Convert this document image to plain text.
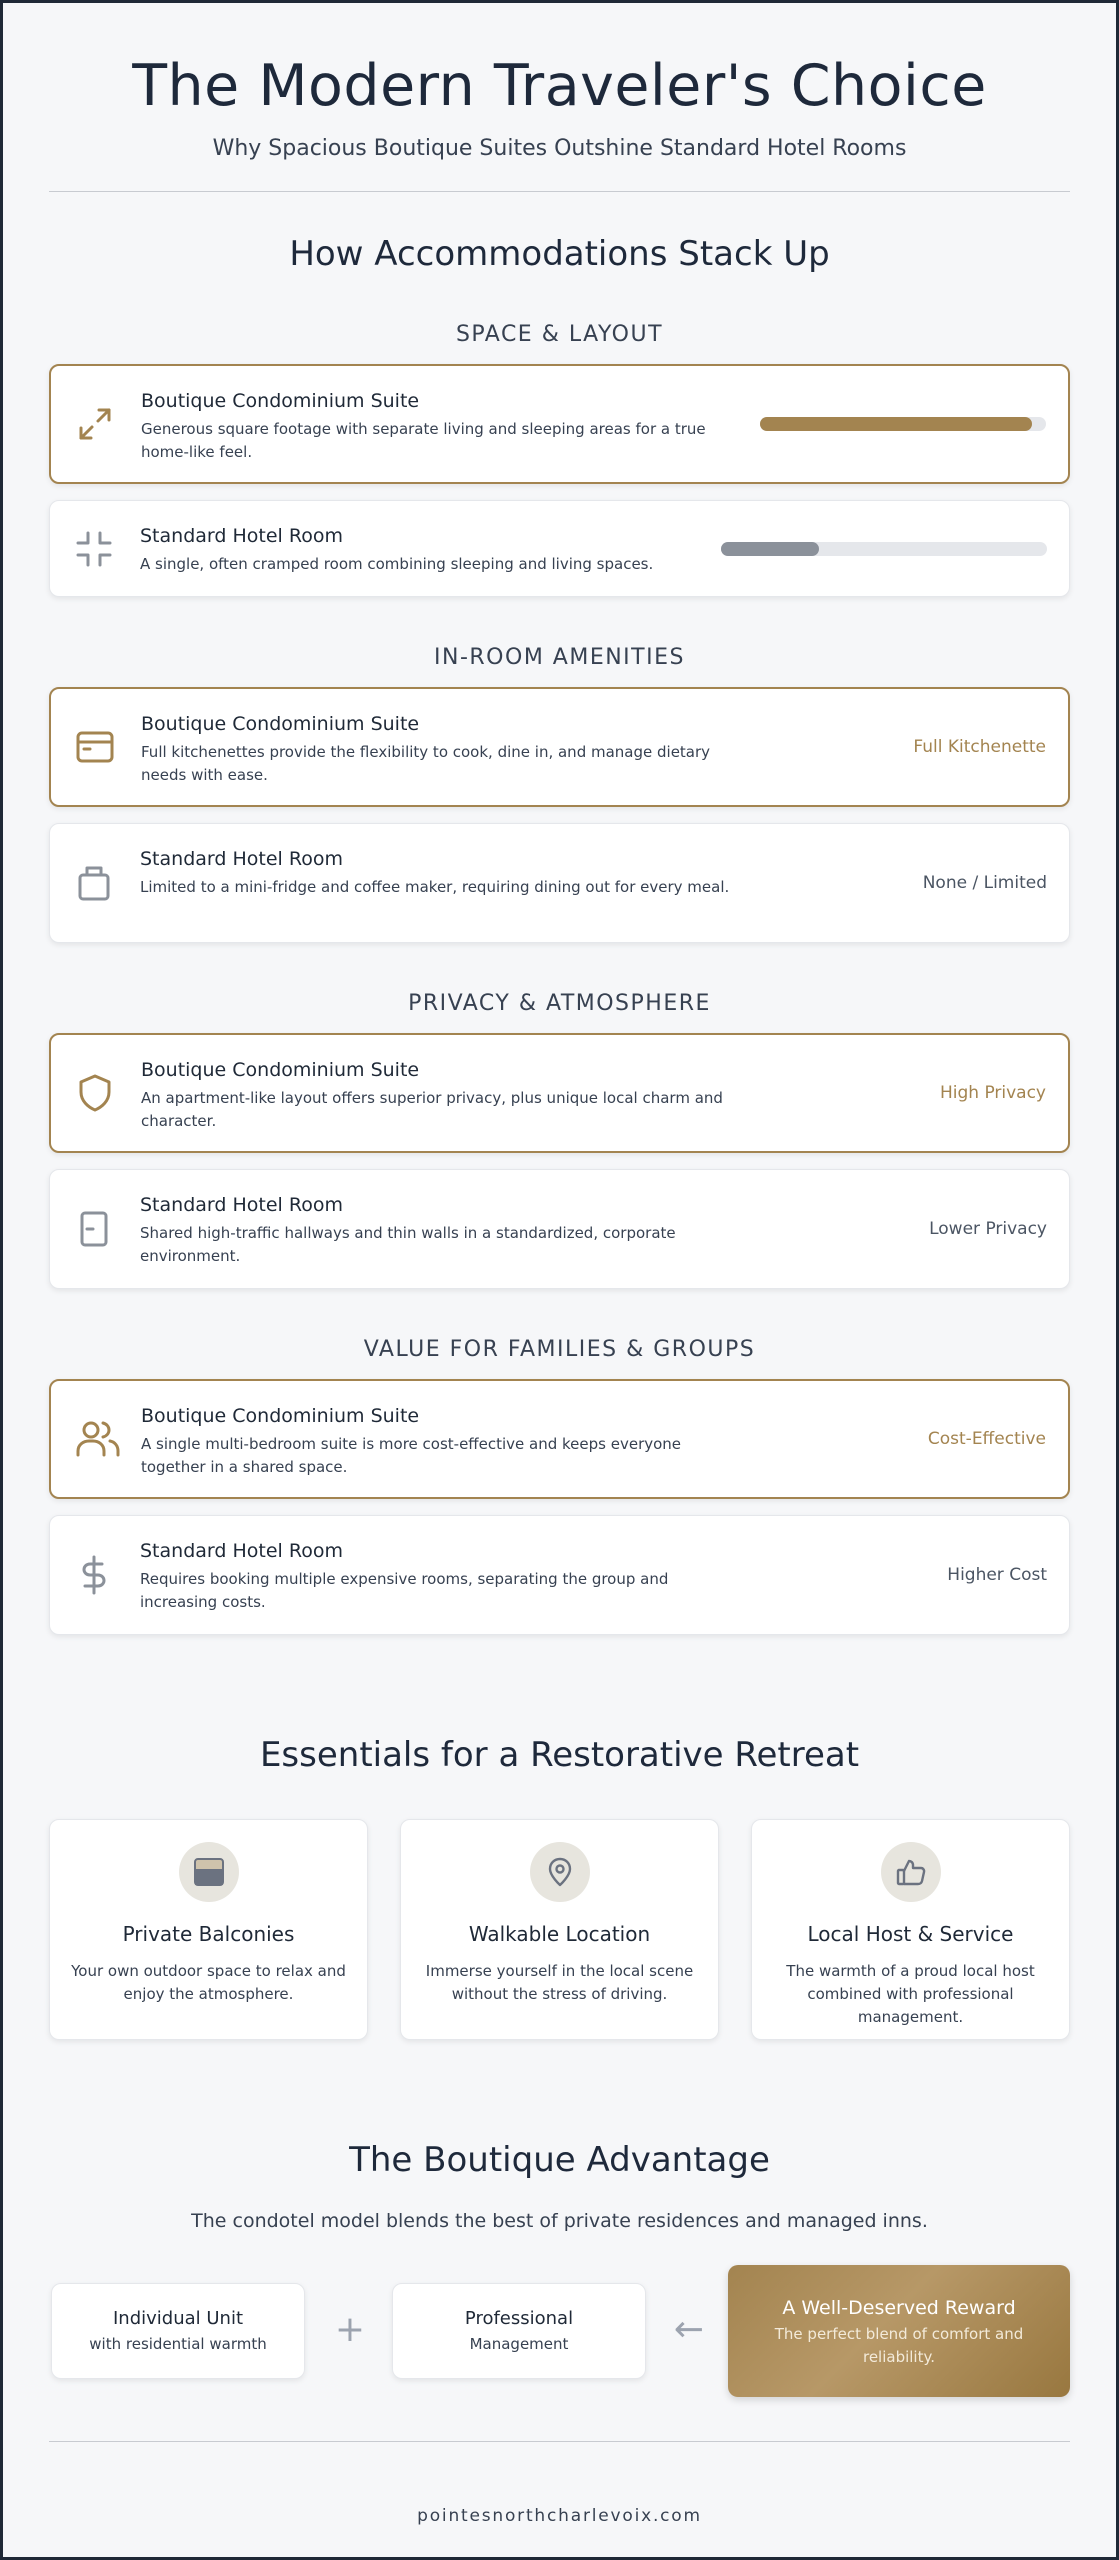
The Modern Traveler's Choice
Why Spacious Boutique Suites Outshine Standard Hotel Rooms
How Accommodations Stack Up
SPACE & LAYOUT
Boutique Condominium Suite
Generous square footage with separate living and sleeping areas for a true home-like feel.
Standard Hotel Room
A single, often cramped room combining sleeping and living spaces.
IN-ROOM AMENITIES
Boutique Condominium Suite
Full kitchenettes provide the flexibility to cook, dine in, and manage dietary needs with ease.
Full Kitchenette
Standard Hotel Room
Limited to a mini-fridge and coffee maker, requiring dining out for every meal.	None / Limited
PRIVACY & ATMOSPHERE
Boutique Condominium Suite
An apartment-like layout offers superior privacy, plus unique local charm and character.
High Privacy
Standard Hotel Room
Shared high-traffic hallways and thin walls in a standardized, corporate environment.
Lower Privacy
VALUE FOR FAMILIES & GROUPS
Boutique Condominium Suite
A single multi-bedroom suite is more cost-effective and keeps everyone together in a shared space.
Cost-Effective
Standard Hotel Room
Requires booking multiple expensive rooms, separating the group and increasing costs.
Higher Cost
Essentials for a Restorative Retreat
Private Balconies
Your own outdoor space to relax and enjoy the atmosphere.
Walkable Location
Immerse yourself in the local scene without the stress of driving.
Local Host & Service
The warmth of a proud local host combined with professional management.
The Boutique Advantage
The condotel model blends the best of private residences and managed inns.
Individual Unit
with residential warmth	+	Professional
Management	←
A Well-Deserved Reward
The perfect blend of comfort and reliability.
pointesnorthcharlevoix.com
